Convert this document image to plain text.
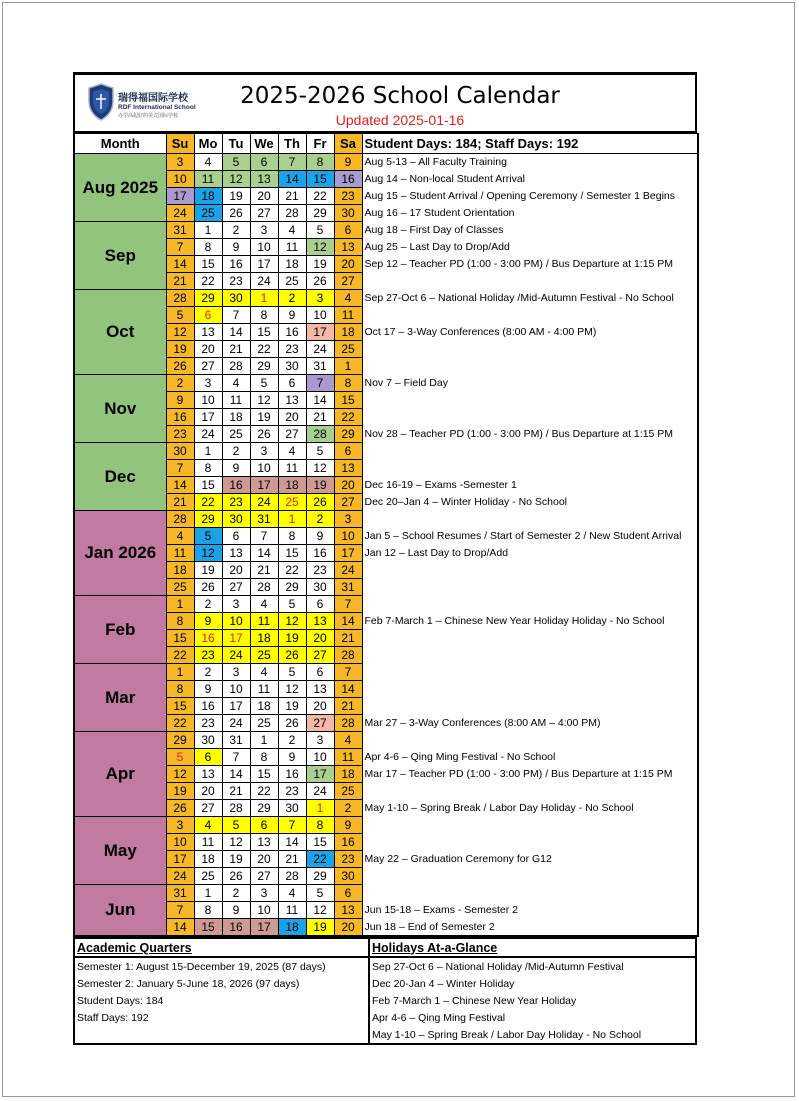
瑞得福国际学校
RDF International School
办学高起好的美式国际学校
2025-2026 School Calendar
Updated 2025-01-16
Month	Su	Mo	Tu	We	Th	Fr	Sa	Student Days: 184; Staff Days: 192
Aug 2025	3	4	5	6	7	8	9	Aug 5-13 – All Faculty Training
	10	11	12	13	14	15	16	Aug 14 – Non-local Student Arrival
	17	18	19	20	21	22	23	Aug 15 – Student Arrival / Opening Ceremony / Semester 1 Begins
	24	25	26	27	28	29	30	Aug 16 – 17 Student Orientation
Sep	31	1	2	3	4	5	6	Aug 18 – First Day of Classes
	7	8	9	10	11	12	13	Aug 25 – Last Day to Drop/Add
	14	15	16	17	18	19	20	Sep 12 – Teacher PD (1:00 - 3:00 PM) / Bus Departure at 1:15 PM
	21	22	23	24	25	26	27	
Oct	28	29	30	1	2	3	4	Sep 27-Oct 6 – National Holiday /Mid-Autumn Festival - No School
	5	6	7	8	9	10	11	
	12	13	14	15	16	17	18	Oct 17 – 3-Way Conferences (8:00 AM - 4:00 PM)
	19	20	21	22	23	24	25	
	26	27	28	29	30	31	1	
Nov	2	3	4	5	6	7	8	Nov 7 – Field Day
	9	10	11	12	13	14	15	
	16	17	18	19	20	21	22	
	23	24	25	26	27	28	29	Nov 28 – Teacher PD (1:00 - 3:00 PM) / Bus Departure at 1:15 PM
Dec	30	1	2	3	4	5	6	
	7	8	9	10	11	12	13	
	14	15	16	17	18	19	20	Dec 16-19 – Exams -Semester 1
	21	22	23	24	25	26	27	Dec 20–Jan 4 – Winter Holiday - No School
Jan 2026	28	29	30	31	1	2	3	
	4	5	6	7	8	9	10	Jan 5 – School Resumes / Start of Semester 2 / New Student Arrival
	11	12	13	14	15	16	17	Jan 12 – Last Day to Drop/Add
	18	19	20	21	22	23	24	
	25	26	27	28	29	30	31	
Feb	1	2	3	4	5	6	7	
	8	9	10	11	12	13	14	Feb 7-March 1 – Chinese New Year Holiday Holiday - No School
	15	16	17	18	19	20	21	
	22	23	24	25	26	27	28	
Mar	1	2	3	4	5	6	7	
	8	9	10	11	12	13	14	
	15	16	17	18	19	20	21	
	22	23	24	25	26	27	28	Mar 27 – 3-Way Conferences (8:00 AM – 4:00 PM)
Apr	29	30	31	1	2	3	4	
	5	6	7	8	9	10	11	Apr 4-6 – Qing Ming Festival - No School
	12	13	14	15	16	17	18	Mar 17 – Teacher PD (1:00 - 3:00 PM) / Bus Departure at 1:15 PM
	19	20	21	22	23	24	25	
	26	27	28	29	30	1	2	May 1-10 – Spring Break / Labor Day Holiday - No School
May	3	4	5	6	7	8	9	
	10	11	12	13	14	15	16	
	17	18	19	20	21	22	23	May 22 – Graduation Ceremony for G12
	24	25	26	27	28	29	30	
Jun	31	1	2	3	4	5	6	
	7	8	9	10	11	12	13	Jun 15-18 – Exams - Semester 2
	14	15	16	17	18	19	20	Jun 18 – End of Semester 2
Academic Quarters	Holidays At-a-Glance
Semester 1: August 15-December 19, 2025 (87 days)	Sep 27-Oct 6 – National Holiday /Mid-Autumn Festival
Semester 2: January 5-June 18, 2026 (97 days)	Dec 20-Jan 4 – Winter Holiday
Student Days: 184	Feb 7-March 1 – Chinese New Year Holiday
Staff Days: 192	Apr 4-6 – Qing Ming Festival
	May 1-10 – Spring Break / Labor Day Holiday - No School
